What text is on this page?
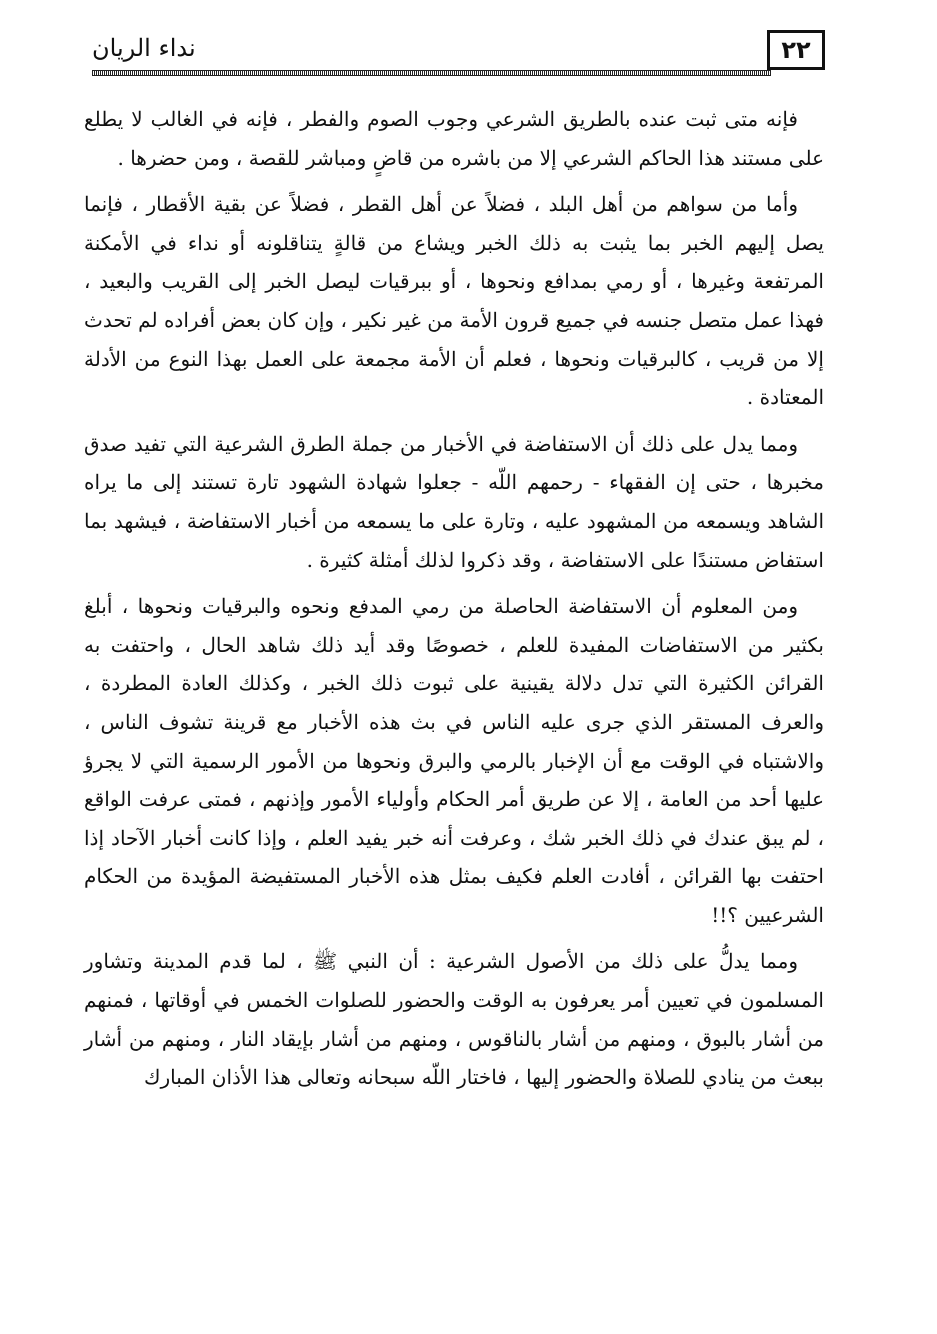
نداء الريان	٢٢

فإنه متى ثبت عنده بالطريق الشرعي وجوب الصوم والفطر ، فإنه في الغالب لا يطلع على مستند هذا الحاكم الشرعي إلا من باشره من قاضٍ ومباشر للقصة ، ومن حضرها .

وأما من سواهم من أهل البلد ، فضلاً عن أهل القطر ، فضلاً عن بقية الأقطار ، فإنما يصل إليهم الخبر بما يثبت به ذلك الخبر ويشاع من قالةٍ يتناقلونه أو نداء في الأمكنة المرتفعة وغيرها ، أو رمي بمدافع ونحوها ، أو ببرقيات ليصل الخبر إلى القريب والبعيد ، فهذا عمل متصل جنسه في جميع قرون الأمة من غير نكير ، وإن كان بعض أفراده لم تحدث إلا من قريب ، كالبرقيات ونحوها ، فعلم أن الأمة مجمعة على العمل بهذا النوع من الأدلة المعتادة .

ومما يدل على ذلك أن الاستفاضة في الأخبار من جملة الطرق الشرعية التي تفيد صدق مخبرها ، حتى إن الفقهاء - رحمهم اللّه - جعلوا شهادة الشهود تارة تستند إلى ما يراه الشاهد ويسمعه من المشهود عليه ، وتارة على ما يسمعه من أخبار الاستفاضة ، فيشهد بما استفاض مستندًا على الاستفاضة ، وقد ذكروا لذلك أمثلة كثيرة .

ومن المعلوم أن الاستفاضة الحاصلة من رمي المدفع ونحوه والبرقيات ونحوها ، أبلغ بكثير من الاستفاضات المفيدة للعلم ، خصوصًا وقد أيد ذلك شاهد الحال ، واحتفت به القرائن الكثيرة التي تدل دلالة يقينية على ثبوت ذلك الخبر ، وكذلك العادة المطردة ، والعرف المستقر الذي جرى عليه الناس في بث هذه الأخبار مع قرينة تشوف الناس ، والاشتباه في الوقت مع أن الإخبار بالرمي والبرق ونحوها من الأمور الرسمية التي لا يجرؤ عليها أحد من العامة ، إلا عن طريق أمر الحكام وأولياء الأمور وإذنهم ، فمتى عرفت الواقع ، لم يبق عندك في ذلك الخبر شك ، وعرفت أنه خبر يفيد العلم ، وإذا كانت أخبار الآحاد إذا احتفت بها القرائن ، أفادت العلم فكيف بمثل هذه الأخبار المستفيضة المؤيدة من الحكام الشرعيين ؟!!

ومما يدلُّ على ذلك من الأصول الشرعية : أن النبي ﷺ ، لما قدم المدينة وتشاور المسلمون في تعيين أمر يعرفون به الوقت والحضور للصلوات الخمس في أوقاتها ، فمنهم من أشار بالبوق ، ومنهم من أشار بالناقوس ، ومنهم من أشار بإيقاد النار ، ومنهم من أشار ببعث من ينادي للصلاة والحضور إليها ، فاختار اللّه سبحانه وتعالى هذا الأذان المبارك
